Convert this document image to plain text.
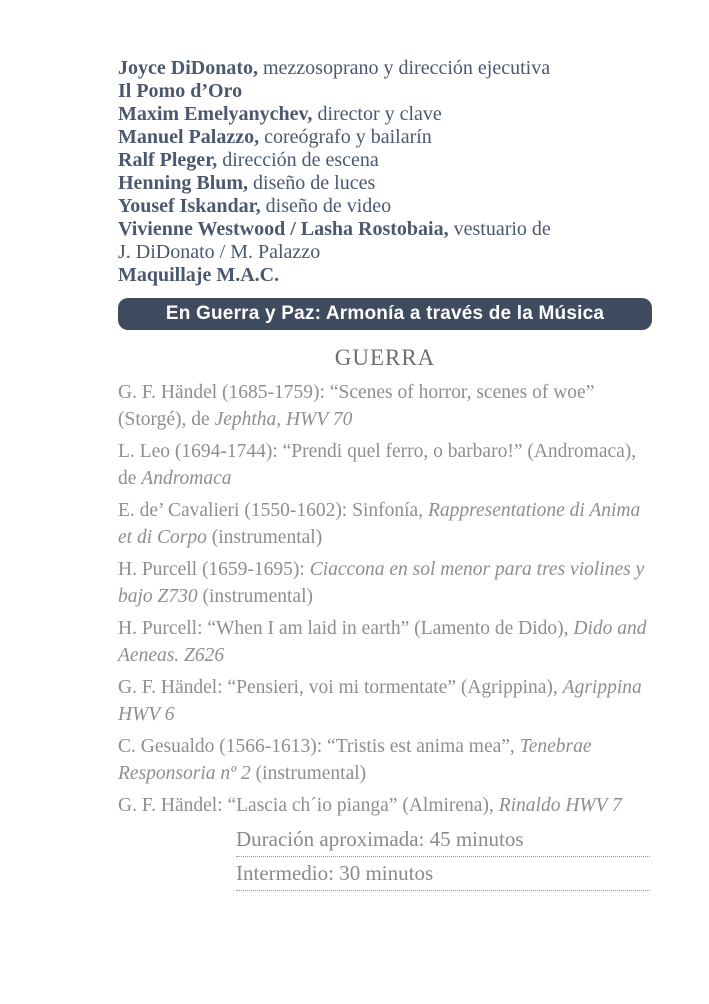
Joyce DiDonato, mezzosoprano y dirección ejecutiva

Il Pomo d’Oro

Maxim Emelyanychev, director y clave

Manuel Palazzo, coreógrafo y bailarín

Ralf Pleger, dirección de escena

Henning Blum, diseño de luces

Yousef Iskandar, diseño de video

Vivienne Westwood / Lasha Rostobaia, vestuario de

J. DiDonato / M. Palazzo

Maquillaje M.A.C.

En Guerra y Paz: Armonía a través de la Música
GUERRA

G. F. Händel (1685-1759): “Scenes of horror, scenes of woe” (Storgé), de Jephtha, HWV 70

L. Leo (1694-1744): “Prendi quel ferro, o barbaro!” (Andromaca), de Andromaca

E. de’ Cavalieri (1550-1602): Sinfonía, Rappresentatione di Anima et di Corpo (instrumental)

H. Purcell (1659-1695): Ciaccona en sol menor para tres violines y bajo Z730 (instrumental)

H. Purcell: “When I am laid in earth” (Lamento de Dido), Dido and Aeneas. Z626

G. F. Händel: “Pensieri, voi mi tormentate” (Agrippina), Agrippina HWV 6

C. Gesualdo (1566-1613): “Tristis est anima mea”, Tenebrae Responsoria nº 2 (instrumental)

G. F. Händel: “Lascia ch´io pianga” (Almirena), Rinaldo HWV 7

Duración aproximada: 45 minutos
Intermedio: 30 minutos
